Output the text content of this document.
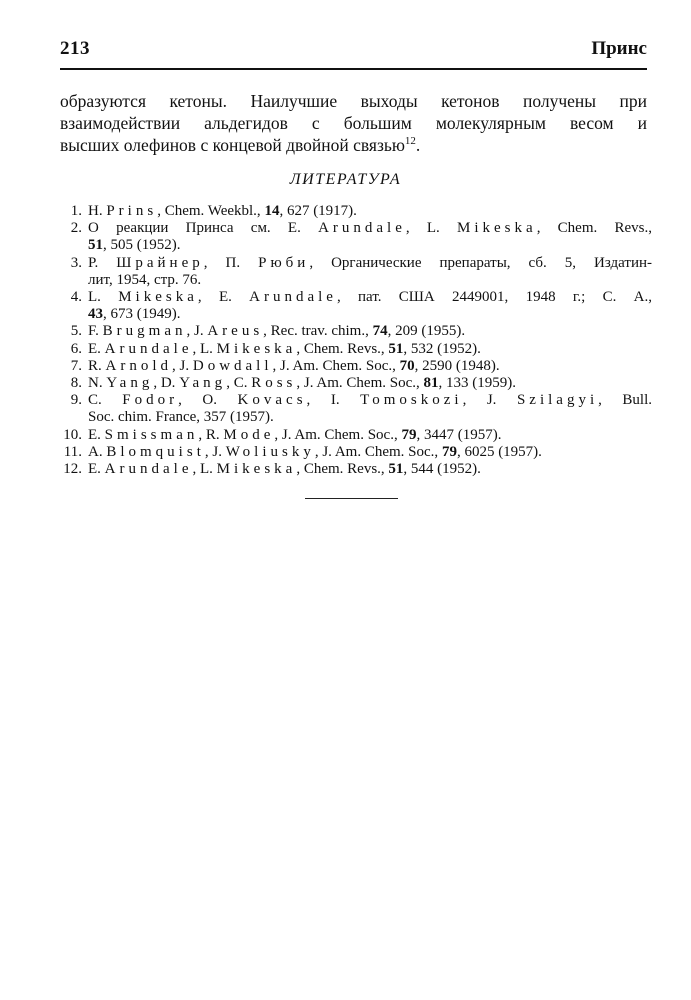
213	Принс
образуются кетоны. Наилучшие выходы кетонов получены при
взаимодействии альдегидов с большим молекулярным весом и
высших олефинов с концевой двойной связью$^{12}$.
ЛИТЕРАТУРА
1 . H. Prins, Chem. Weekbl., 14, 627 (1917).
2 . О реакции Принса см. E. Arundale, L. Mikeska, Chem. Revs.,
51, 505 (1952).
3 . Р. Шрайнер, П. Рюби, Органические препараты, сб. 5, Издатин-
лит, 1954, стр. 76.
4 . L. Mikeska, E. Arundale, пат. США 2449001, 1948 г.; С. А.,
43, 673 (1949).
5 . F. Brugman, J. Areus, Rec. trav. chim., 74, 209 (1955).
6 . E. Arundale, L. Mikeska, Chem. Revs., 51, 532 (1952).
7 . R. Arnold, J. Dowdall, J. Am. Chem. Soc., 70, 2590 (1948).
8 . N. Yang, D. Yang, C. Ross, J. Am. Chem. Soc., 81, 133 (1959).
9 . C. Fodor, O. Kovacs, I. Tomoskozi, J. Szilagyi, Bull.
Soc. chim. France, 357 (1957).
10 . E. Smissman, R. Mode, J. Am. Chem. Soc., 79, 3447 (1957).
11 . A. Blomquist, J. Woliusky, J. Am. Chem. Soc., 79, 6025 (1957).
12 . E. Arundale, L. Mikeska, Chem. Revs., 51, 544 (1952).
